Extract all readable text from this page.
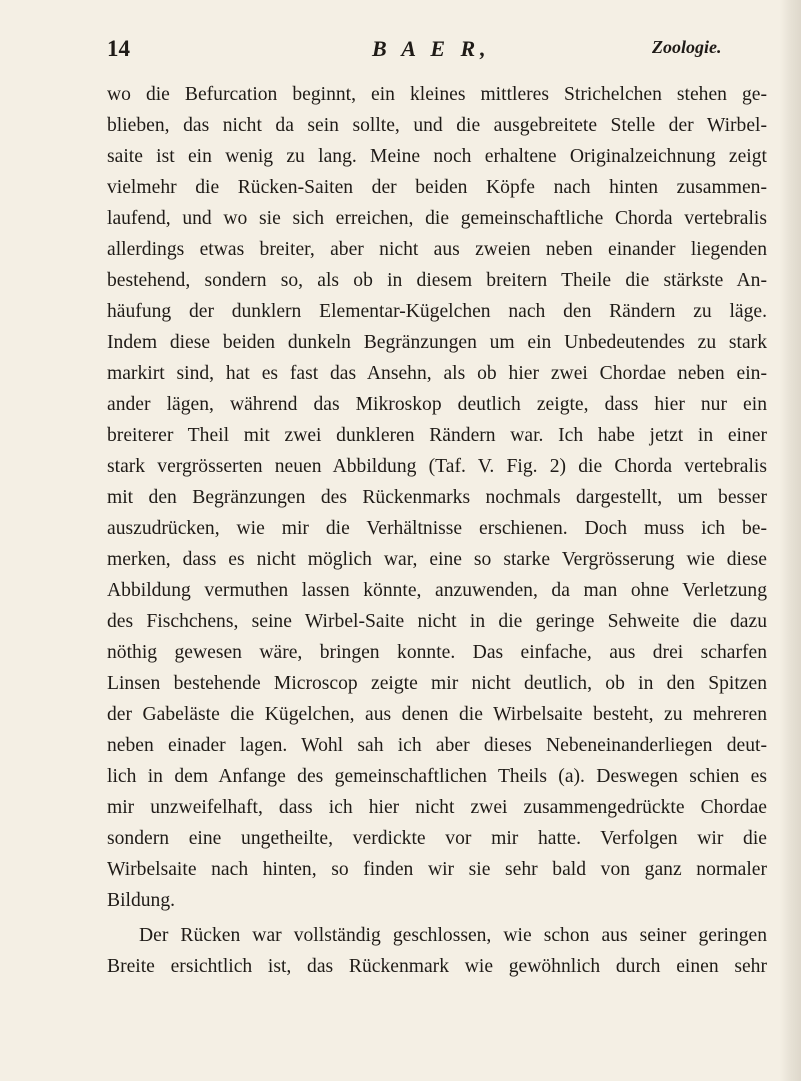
14	B A E R,	Zoologie.
wo die Befurcation beginnt, ein kleines mittleres Strichelchen stehen ge-
blieben, das nicht da sein sollte, und die ausgebreitete Stelle der Wirbel-
saite ist ein wenig zu lang. Meine noch erhaltene Originalzeichnung zeigt
vielmehr die Rücken-Saiten der beiden Köpfe nach hinten zusammen-
laufend, und wo sie sich erreichen, die gemeinschaftliche Chorda vertebralis
allerdings etwas breiter, aber nicht aus zweien neben einander liegenden
bestehend, sondern so, als ob in diesem breitern Theile die stärkste An-
häufung der dunklern Elementar-Kügelchen nach den Rändern zu läge.
Indem diese beiden dunkeln Begränzungen um ein Unbedeutendes zu stark
markirt sind, hat es fast das Ansehn, als ob hier zwei Chordae neben ein-
ander lägen, während das Mikroskop deutlich zeigte, dass hier nur ein
breiterer Theil mit zwei dunkleren Rändern war. Ich habe jetzt in einer
stark vergrösserten neuen Abbildung (Taf. V. Fig. 2) die Chorda vertebralis
mit den Begränzungen des Rückenmarks nochmals dargestellt, um besser
auszudrücken, wie mir die Verhältnisse erschienen. Doch muss ich be-
merken, dass es nicht möglich war, eine so starke Vergrösserung wie diese
Abbildung vermuthen lassen könnte, anzuwenden, da man ohne Verletzung
des Fischchens, seine Wirbel-Saite nicht in die geringe Sehweite die dazu
nöthig gewesen wäre, bringen konnte. Das einfache, aus drei scharfen
Linsen bestehende Microscop zeigte mir nicht deutlich, ob in den Spitzen
der Gabeläste die Kügelchen, aus denen die Wirbelsaite besteht, zu mehreren
neben einader lagen. Wohl sah ich aber dieses Nebeneinanderliegen deut-
lich in dem Anfange des gemeinschaftlichen Theils (a). Deswegen schien es
mir unzweifelhaft, dass ich hier nicht zwei zusammengedrückte Chordae
sondern eine ungetheilte, verdickte vor mir hatte. Verfolgen wir die
Wirbelsaite nach hinten, so finden wir sie sehr bald von ganz normaler
Bildung.
Der Rücken war vollständig geschlossen, wie schon aus seiner geringen
Breite ersichtlich ist, das Rückenmark wie gewöhnlich durch einen sehr
